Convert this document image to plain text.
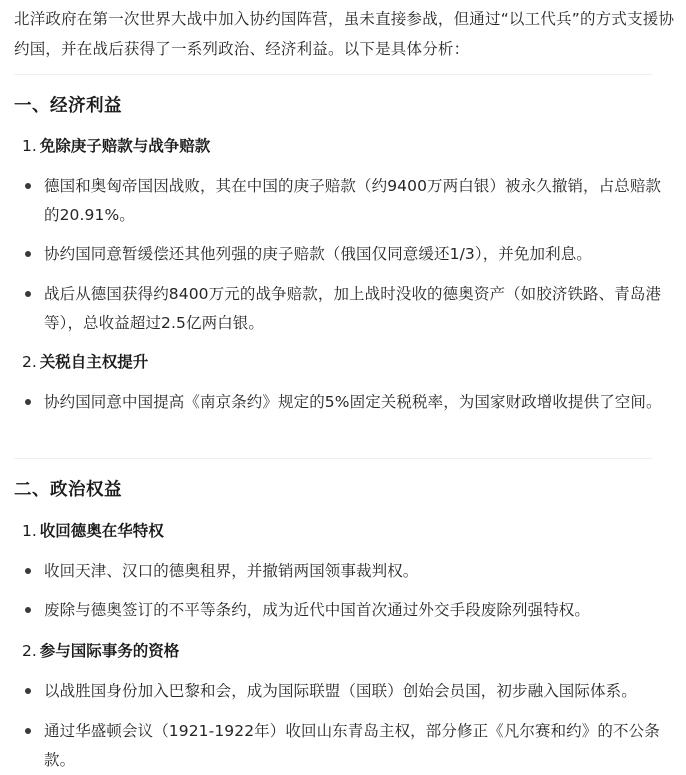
北洋政府在第一次世界大战中加入协约国阵营，虽未直接参战，但通过“以工代兵”的方式支援协约国，并在战后获得了一系列政治、经济利益。以下是具体分析：

一、经济利益
1. 免除庚子赔款与战争赔款

德国和奥匈帝国因战败，其在中国的庚子赔款（约9400万两白银）被永久撤销，占总赔款的20.91%。

协约国同意暂缓偿还其他列强的庚子赔款（俄国仅同意缓还1/3），并免加利息。

战后从德国获得约8400万元的战争赔款，加上战时没收的德奥资产（如胶济铁路、青岛港等），总收益超过2.5亿两白银。

2. 关税自主权提升

协约国同意中国提高《南京条约》规定的5%固定关税税率，为国家财政增收提供了空间。

二、政治权益
1. 收回德奥在华特权

收回天津、汉口的德奥租界，并撤销两国领事裁判权。

废除与德奥签订的不平等条约，成为近代中国首次通过外交手段废除列强特权。

2. 参与国际事务的资格

以战胜国身份加入巴黎和会，成为国际联盟（国联）创始会员国，初步融入国际体系。

通过华盛顿会议（1921-1922年）收回山东青岛主权，部分修正《凡尔赛和约》的不公条款。
